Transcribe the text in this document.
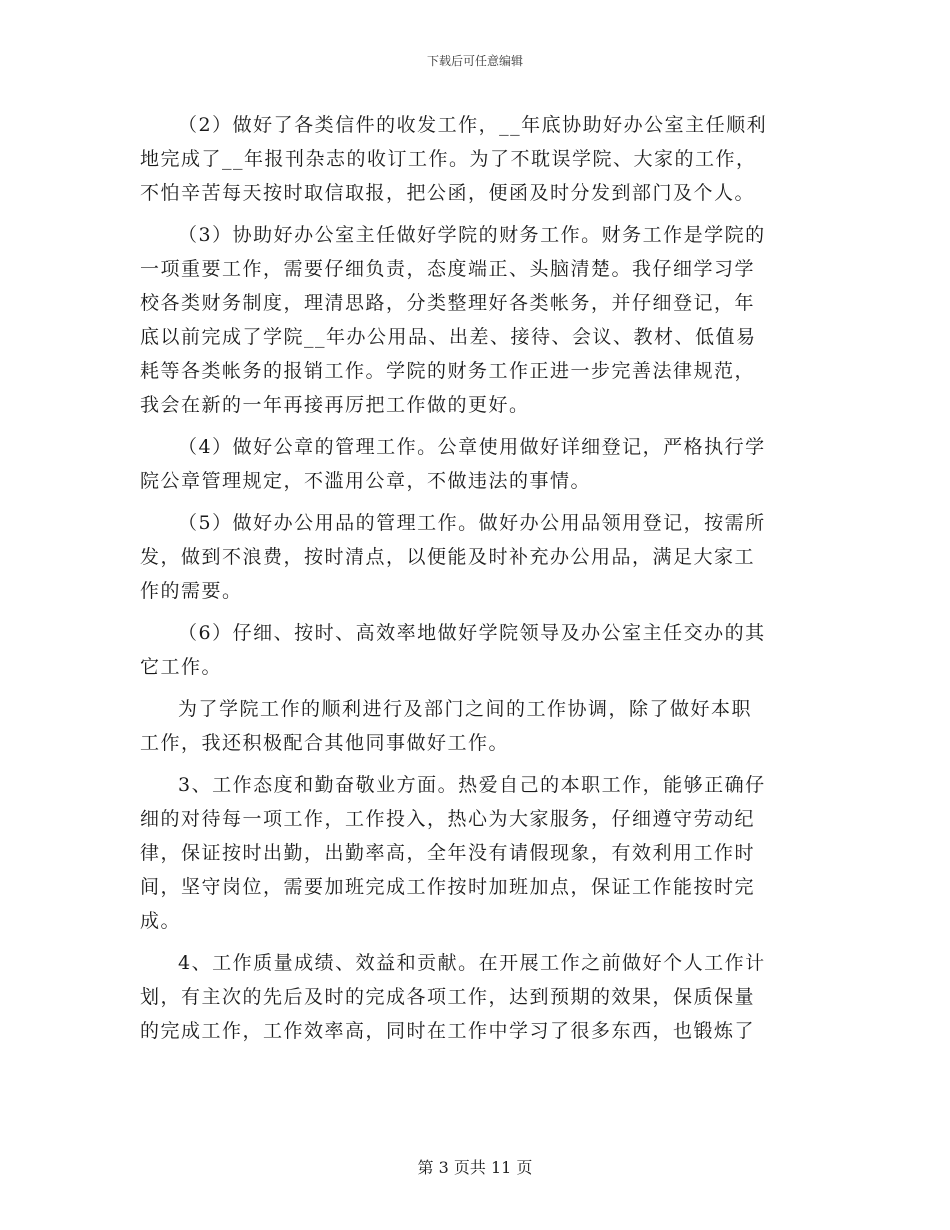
下载后可任意编辑
（2）做好了各类信件的收发工作，__年底协助好办公室主任顺利
地完成了__年报刊杂志的收订工作。为了不耽误学院、大家的工作，
不怕辛苦每天按时取信取报，把公函，便函及时分发到部门及个人。
（3）协助好办公室主任做好学院的财务工作。财务工作是学院的
一项重要工作，需要仔细负责，态度端正、头脑清楚。我仔细学习学
校各类财务制度，理清思路，分类整理好各类帐务，并仔细登记，年
底以前完成了学院__年办公用品、出差、接待、会议、教材、低值易
耗等各类帐务的报销工作。学院的财务工作正进一步完善法律规范，
我会在新的一年再接再厉把工作做的更好。
（4）做好公章的管理工作。公章使用做好详细登记，严格执行学
院公章管理规定，不滥用公章，不做违法的事情。
（5）做好办公用品的管理工作。做好办公用品领用登记，按需所
发，做到不浪费，按时清点，以便能及时补充办公用品，满足大家工
作的需要。
（6）仔细、按时、高效率地做好学院领导及办公室主任交办的其
它工作。
为了学院工作的顺利进行及部门之间的工作协调，除了做好本职
工作，我还积极配合其他同事做好工作。
3、工作态度和勤奋敬业方面。热爱自己的本职工作，能够正确仔
细的对待每一项工作，工作投入，热心为大家服务，仔细遵守劳动纪
律，保证按时出勤，出勤率高，全年没有请假现象，有效利用工作时
间，坚守岗位，需要加班完成工作按时加班加点，保证工作能按时完
成。
4、工作质量成绩、效益和贡献。在开展工作之前做好个人工作计
划，有主次的先后及时的完成各项工作，达到预期的效果，保质保量
的完成工作，工作效率高，同时在工作中学习了很多东西，也锻炼了
第 3 页共 11 页
